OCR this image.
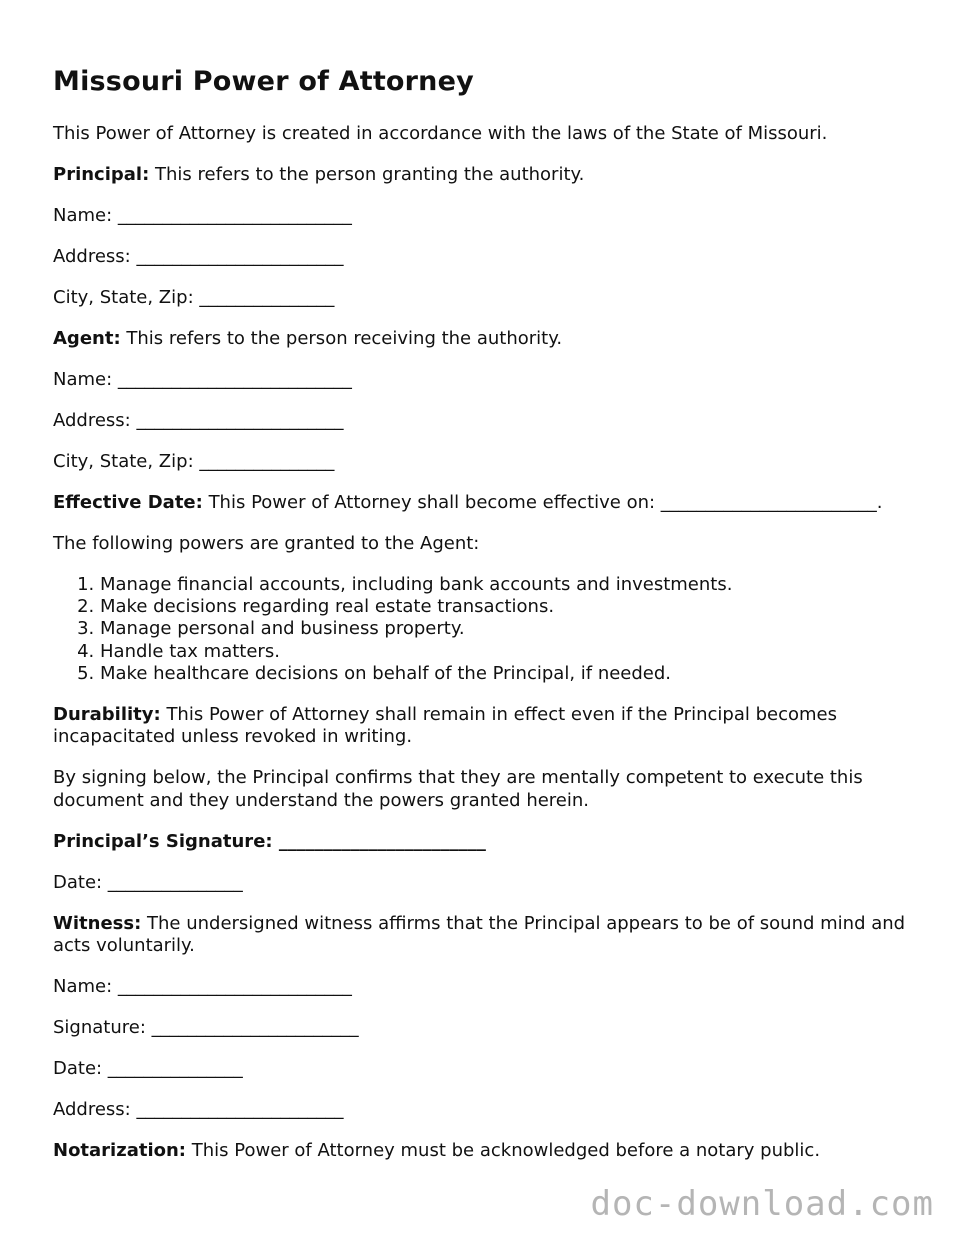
Missouri Power of Attorney

This Power of Attorney is created in accordance with the laws of the State of Missouri.

Principal: This refers to the person granting the authority.

Name: __________________________

Address: _______________________

City, State, Zip: _______________

Agent: This refers to the person receiving the authority.

Name: __________________________

Address: _______________________

City, State, Zip: _______________

Effective Date: This Power of Attorney shall become effective on: ________________________.

The following powers are granted to the Agent:

1. Manage financial accounts, including bank accounts and investments.
2. Make decisions regarding real estate transactions.
3. Manage personal and business property.
4. Handle tax matters.
5. Make healthcare decisions on behalf of the Principal, if needed.

Durability: This Power of Attorney shall remain in effect even if the Principal becomes incapacitated unless revoked in writing.

By signing below, the Principal confirms that they are mentally competent to execute this document and they understand the powers granted herein.

Principal’s Signature: _______________________

Date: _______________

Witness: The undersigned witness affirms that the Principal appears to be of sound mind and acts voluntarily.

Name: __________________________

Signature: _______________________

Date: _______________

Address: _______________________

Notarization: This Power of Attorney must be acknowledged before a notary public.

doc-download.com
